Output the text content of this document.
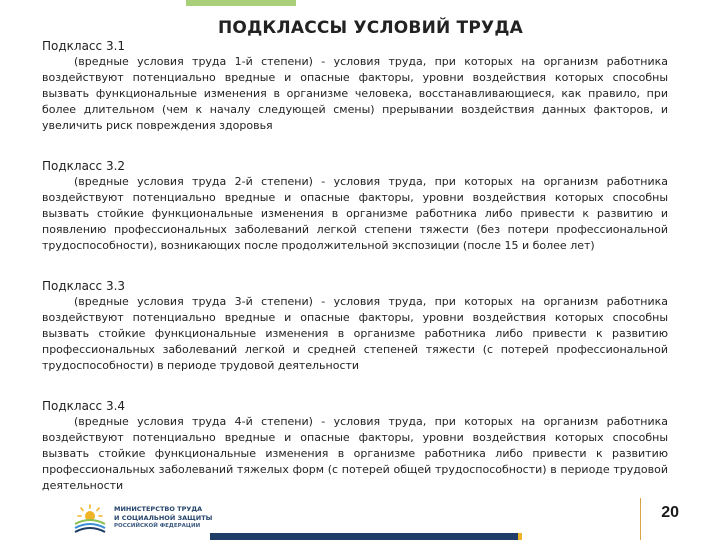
ПОДКЛАССЫ УСЛОВИЙ ТРУДА

Подкласс 3.1

(вредные условия труда 1-й степени) - условия труда, при которых на организм работника воздействуют потенциально вредные и опасные факторы, уровни воздействия которых способны вызвать функциональные изменения в организме человека, восстанавливающиеся, как правило, при более длительном (чем к началу следующей смены) прерывании воздействия данных факторов, и увеличить риск повреждения здоровья

Подкласс 3.2

(вредные условия труда 2-й степени) - условия труда, при которых на организм работника воздействуют потенциально вредные и опасные факторы, уровни воздействия которых способны вызвать стойкие функциональные изменения в организме работника либо привести к развитию и появлению профессиональных заболеваний легкой степени тяжести (без потери профессиональной трудоспособности), возникающих после продолжительной экспозиции (после 15 и более лет)

Подкласс 3.3

(вредные условия труда 3-й степени) - условия труда, при которых на организм работника воздействуют потенциально вредные и опасные факторы, уровни воздействия которых способны вызвать стойкие функциональные изменения в организме работника либо привести к развитию профессиональных заболеваний легкой и средней степеней тяжести (с потерей профессиональной трудоспособности) в периоде трудовой деятельности

Подкласс 3.4

(вредные условия труда 4-й степени) - условия труда, при которых на организм работника воздействуют потенциально вредные и опасные факторы, уровни воздействия которых способны вызвать стойкие функциональные изменения в организме работника либо привести к развитию профессиональных заболеваний тяжелых форм (с потерей общей трудоспособности) в периоде трудовой деятельности

МИНИСТЕРСТВО ТРУДА
И СОЦИАЛЬНОЙ ЗАЩИТЫ
РОССИЙСКОЙ ФЕДЕРАЦИИ
20
